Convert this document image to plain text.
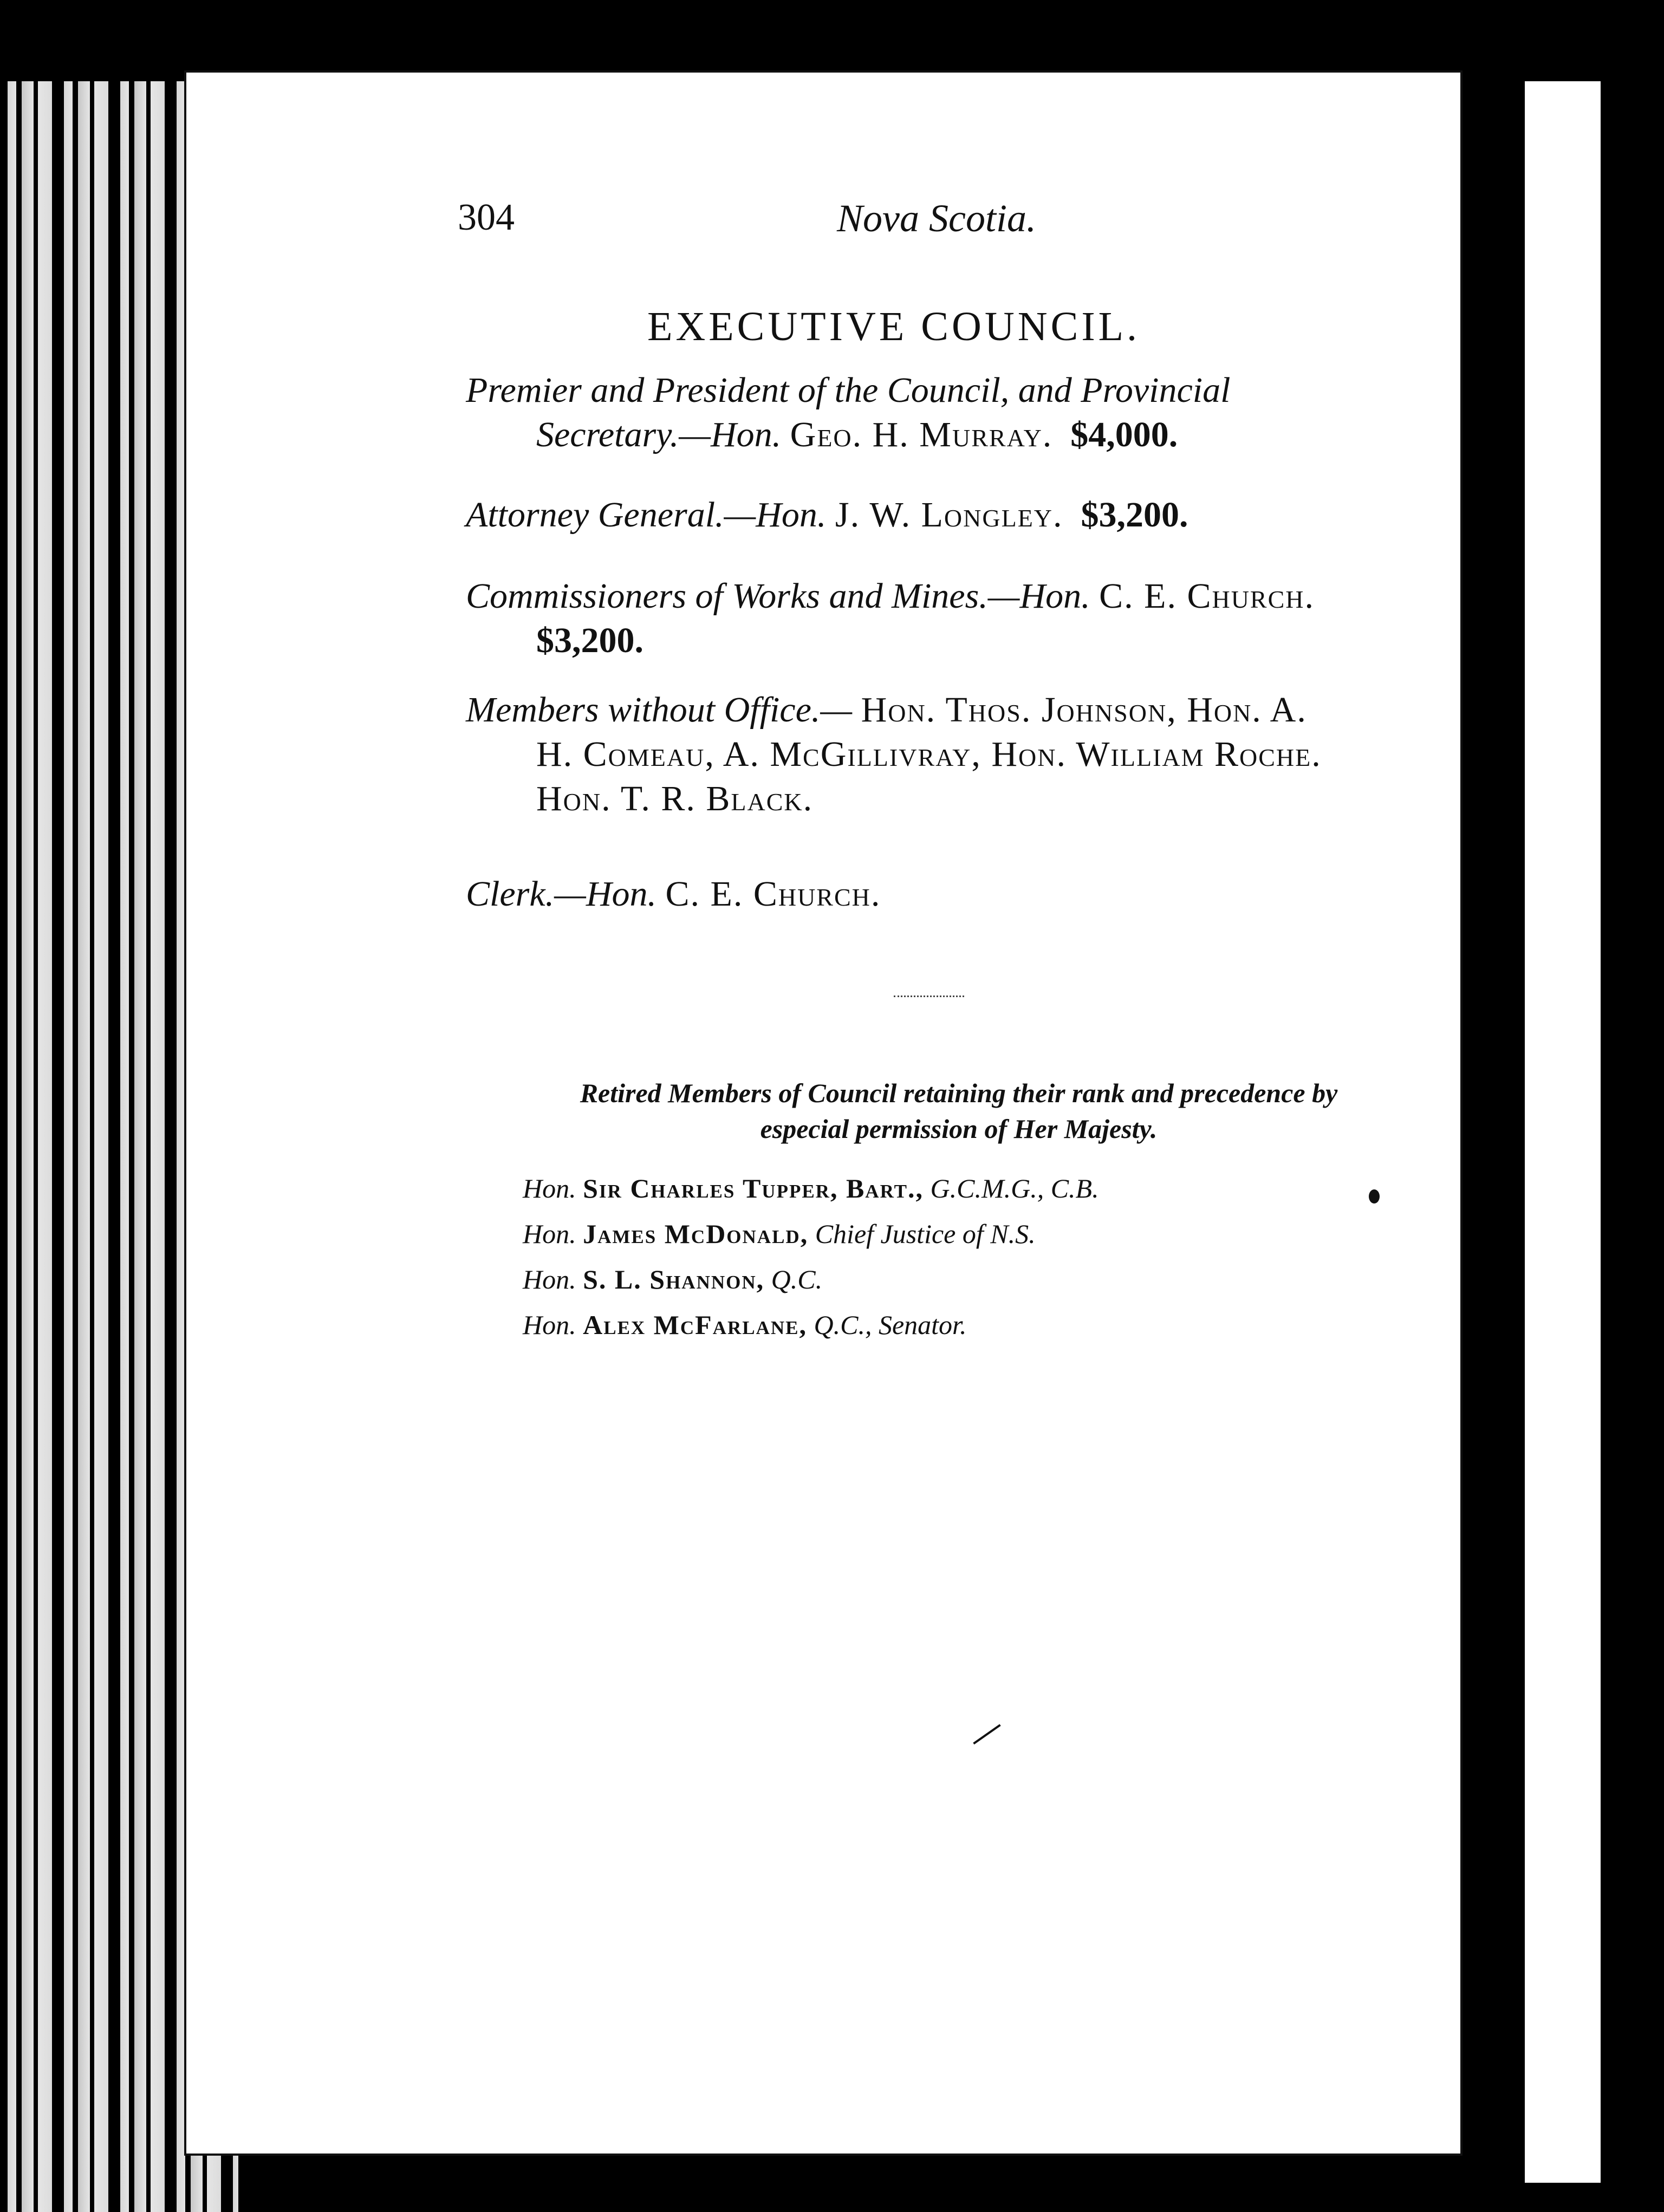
304	Nova Scotia.
EXECUTIVE COUNCIL.
Premier and President of the Council, and Provincial
Secretary.—Hon. Geo. H. Murray. $4,000.
Attorney General.—Hon. J. W. Longley. $3,200.
Commissioners of Works and Mines.—Hon. C. E. Church.
$3,200.
Members without Office.— Hon. Thos. Johnson, Hon. A.
H. Comeau, A. McGillivray, Hon. William Roche.
Hon. T. R. Black.
Clerk.—Hon. C. E. Church.
Retired Members of Council retaining their rank and precedence by
especial permission of Her Majesty.
Hon. Sir Charles Tupper, Bart., G.C.M.G., C.B.
Hon. James McDonald, Chief Justice of N.S.
Hon. S. L. Shannon, Q.C.
Hon. Alex McFarlane, Q.C., Senator.
